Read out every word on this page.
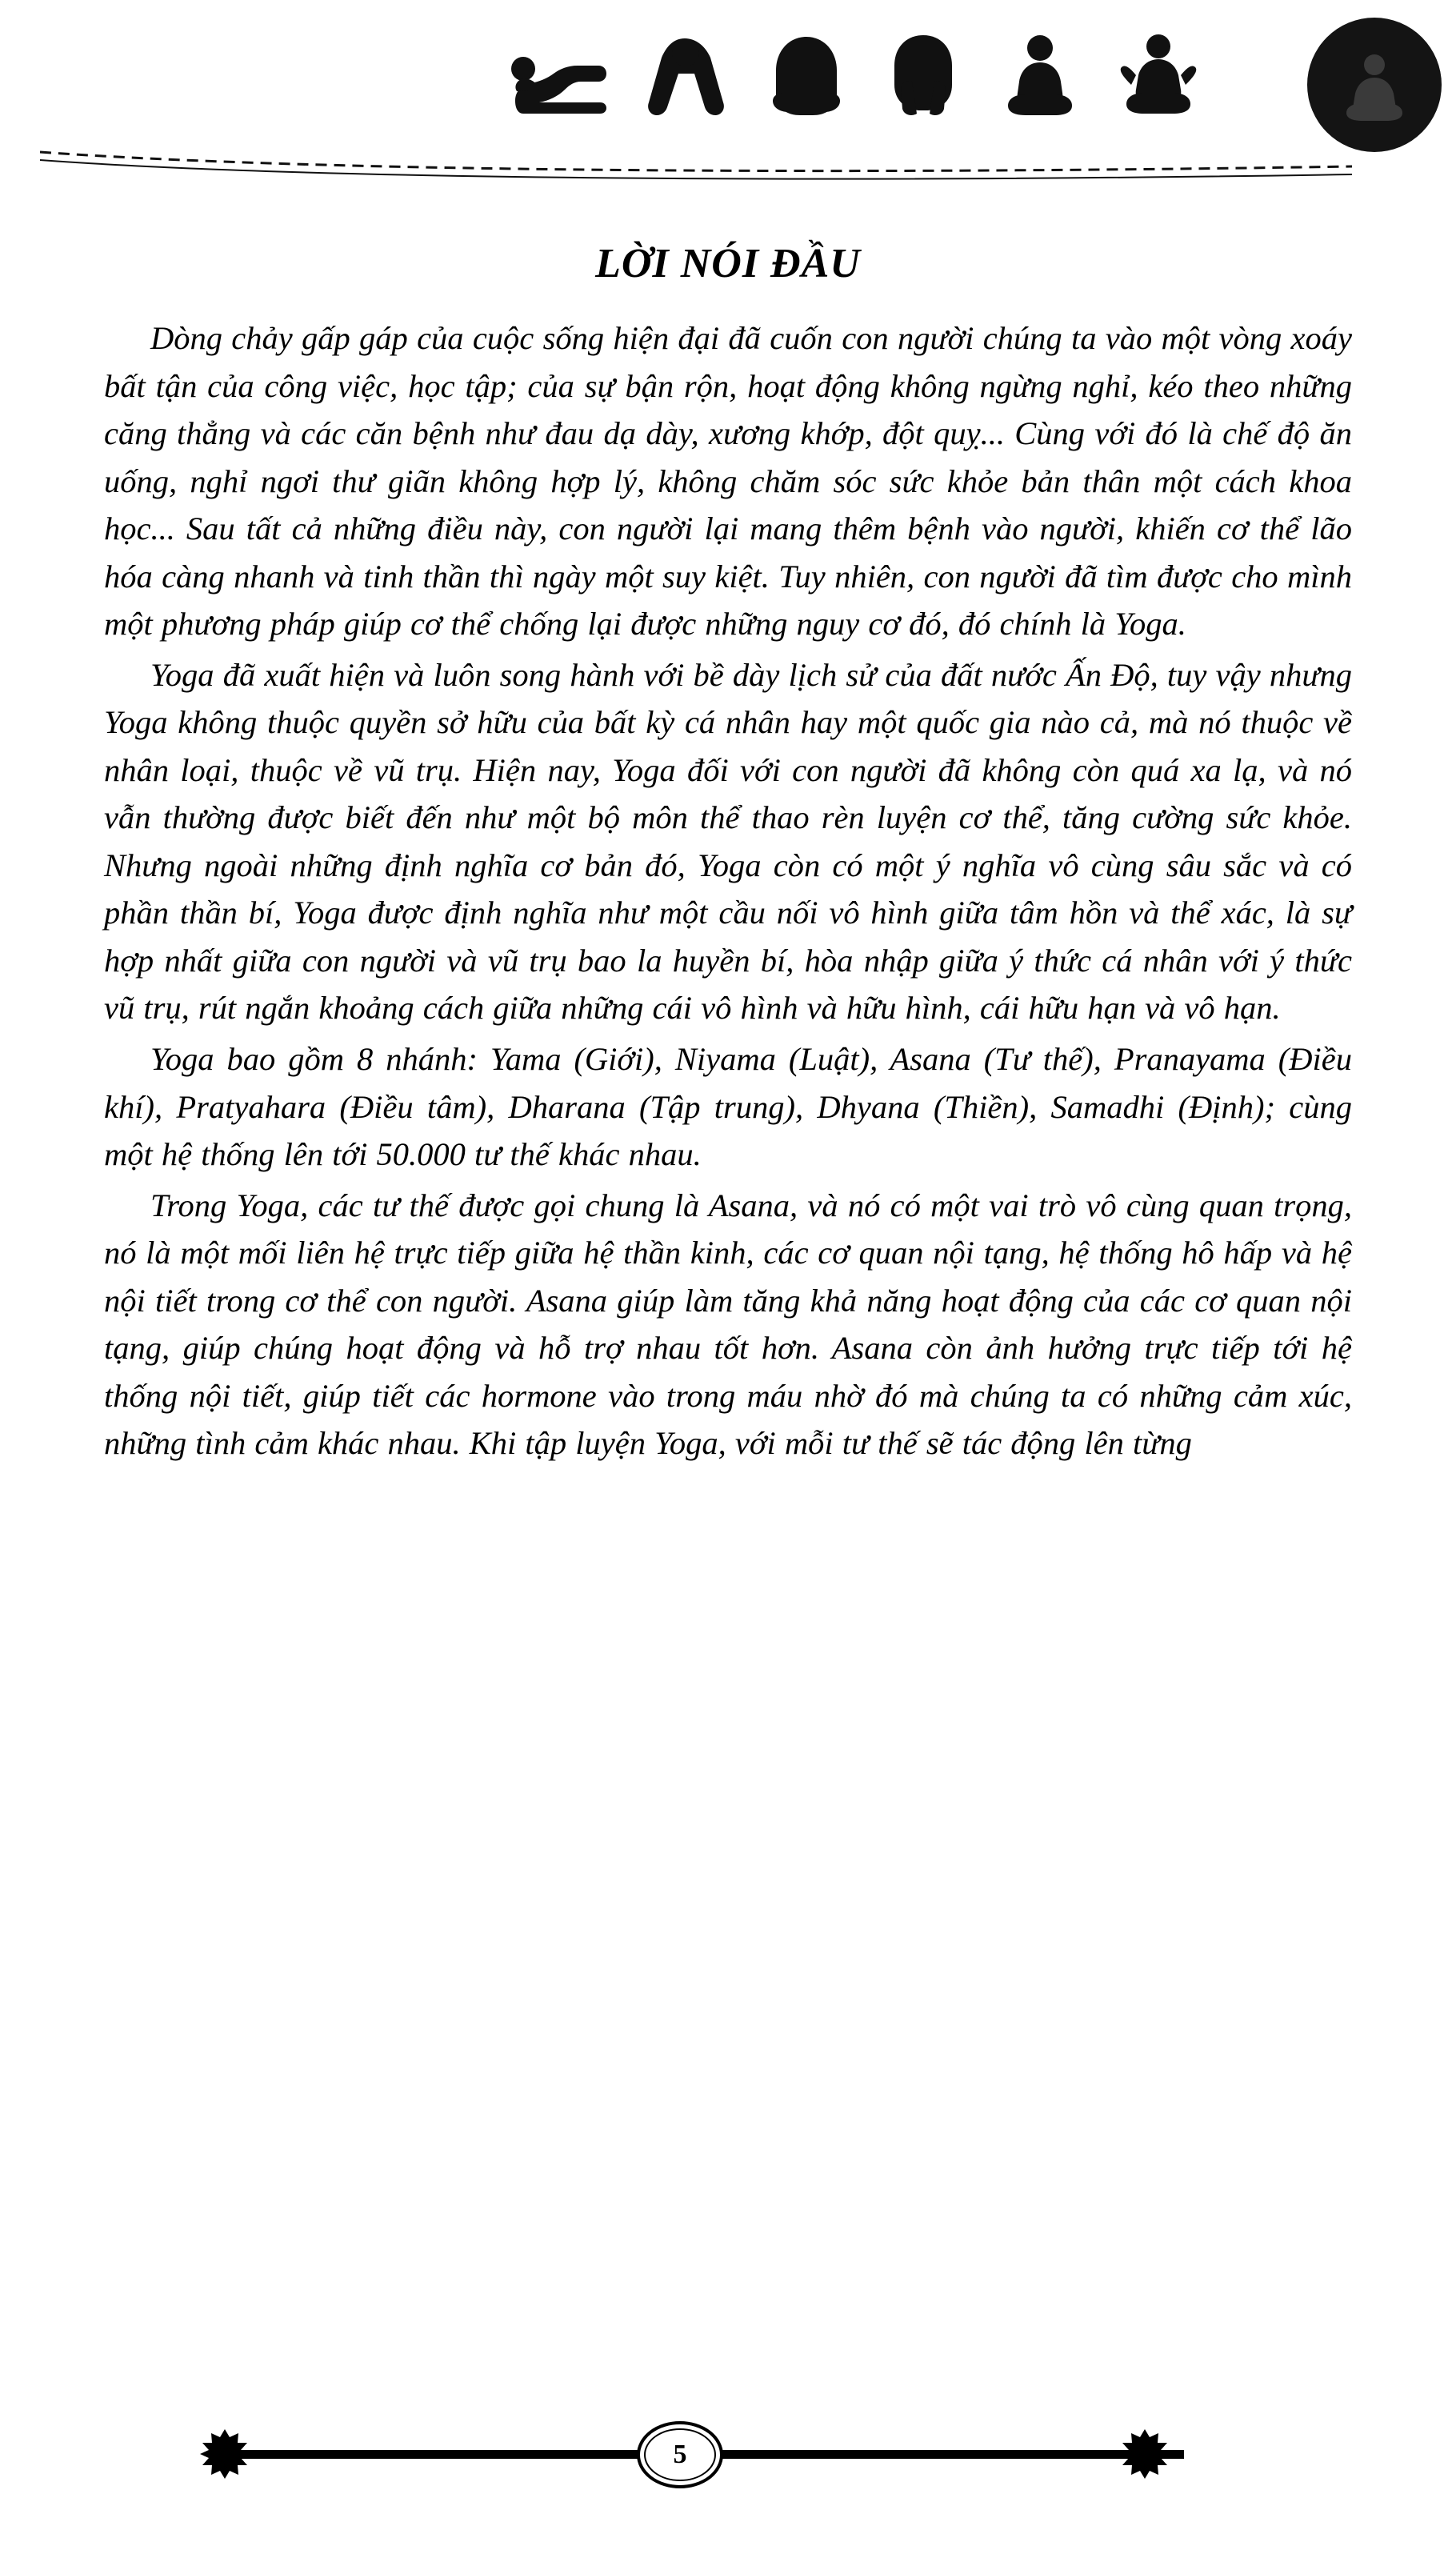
LỜI NÓI ĐẦU

Dòng chảy gấp gáp của cuộc sống hiện đại đã cuốn con người chúng ta vào một vòng xoáy bất tận của công việc, học tập; của sự bận rộn, hoạt động không ngừng nghỉ, kéo theo những căng thẳng và các căn bệnh như đau dạ dày, xương khớp, đột quỵ... Cùng với đó là chế độ ăn uống, nghỉ ngơi thư giãn không hợp lý, không chăm sóc sức khỏe bản thân một cách khoa học... Sau tất cả những điều này, con người lại mang thêm bệnh vào người, khiến cơ thể lão hóa càng nhanh và tinh thần thì ngày một suy kiệt. Tuy nhiên, con người đã tìm được cho mình một phương pháp giúp cơ thể chống lại được những nguy cơ đó, đó chính là Yoga.

Yoga đã xuất hiện và luôn song hành với bề dày lịch sử của đất nước Ấn Độ, tuy vậy nhưng Yoga không thuộc quyền sở hữu của bất kỳ cá nhân hay một quốc gia nào cả, mà nó thuộc về nhân loại, thuộc về vũ trụ. Hiện nay, Yoga đối với con người đã không còn quá xa lạ, và nó vẫn thường được biết đến như một bộ môn thể thao rèn luyện cơ thể, tăng cường sức khỏe. Nhưng ngoài những định nghĩa cơ bản đó, Yoga còn có một ý nghĩa vô cùng sâu sắc và có phần thần bí, Yoga được định nghĩa như một cầu nối vô hình giữa tâm hồn và thể xác, là sự hợp nhất giữa con người và vũ trụ bao la huyền bí, hòa nhập giữa ý thức cá nhân với ý thức vũ trụ, rút ngắn khoảng cách giữa những cái vô hình và hữu hình, cái hữu hạn và vô hạn.

Yoga bao gồm 8 nhánh: Yama (Giới), Niyama (Luật), Asana (Tư thế), Pranayama (Điều khí), Pratyahara (Điều tâm), Dharana (Tập trung), Dhyana (Thiền), Samadhi (Định); cùng một hệ thống lên tới 50.000 tư thế khác nhau.

Trong Yoga, các tư thế được gọi chung là Asana, và nó có một vai trò vô cùng quan trọng, nó là một mối liên hệ trực tiếp giữa hệ thần kinh, các cơ quan nội tạng, hệ thống hô hấp và hệ nội tiết trong cơ thể con người. Asana giúp làm tăng khả năng hoạt động của các cơ quan nội tạng, giúp chúng hoạt động và hỗ trợ nhau tốt hơn. Asana còn ảnh hưởng trực tiếp tới hệ thống nội tiết, giúp tiết các hormone vào trong máu nhờ đó mà chúng ta có những cảm xúc, những tình cảm khác nhau. Khi tập luyện Yoga, với mỗi tư thế sẽ tác động lên từng

5
